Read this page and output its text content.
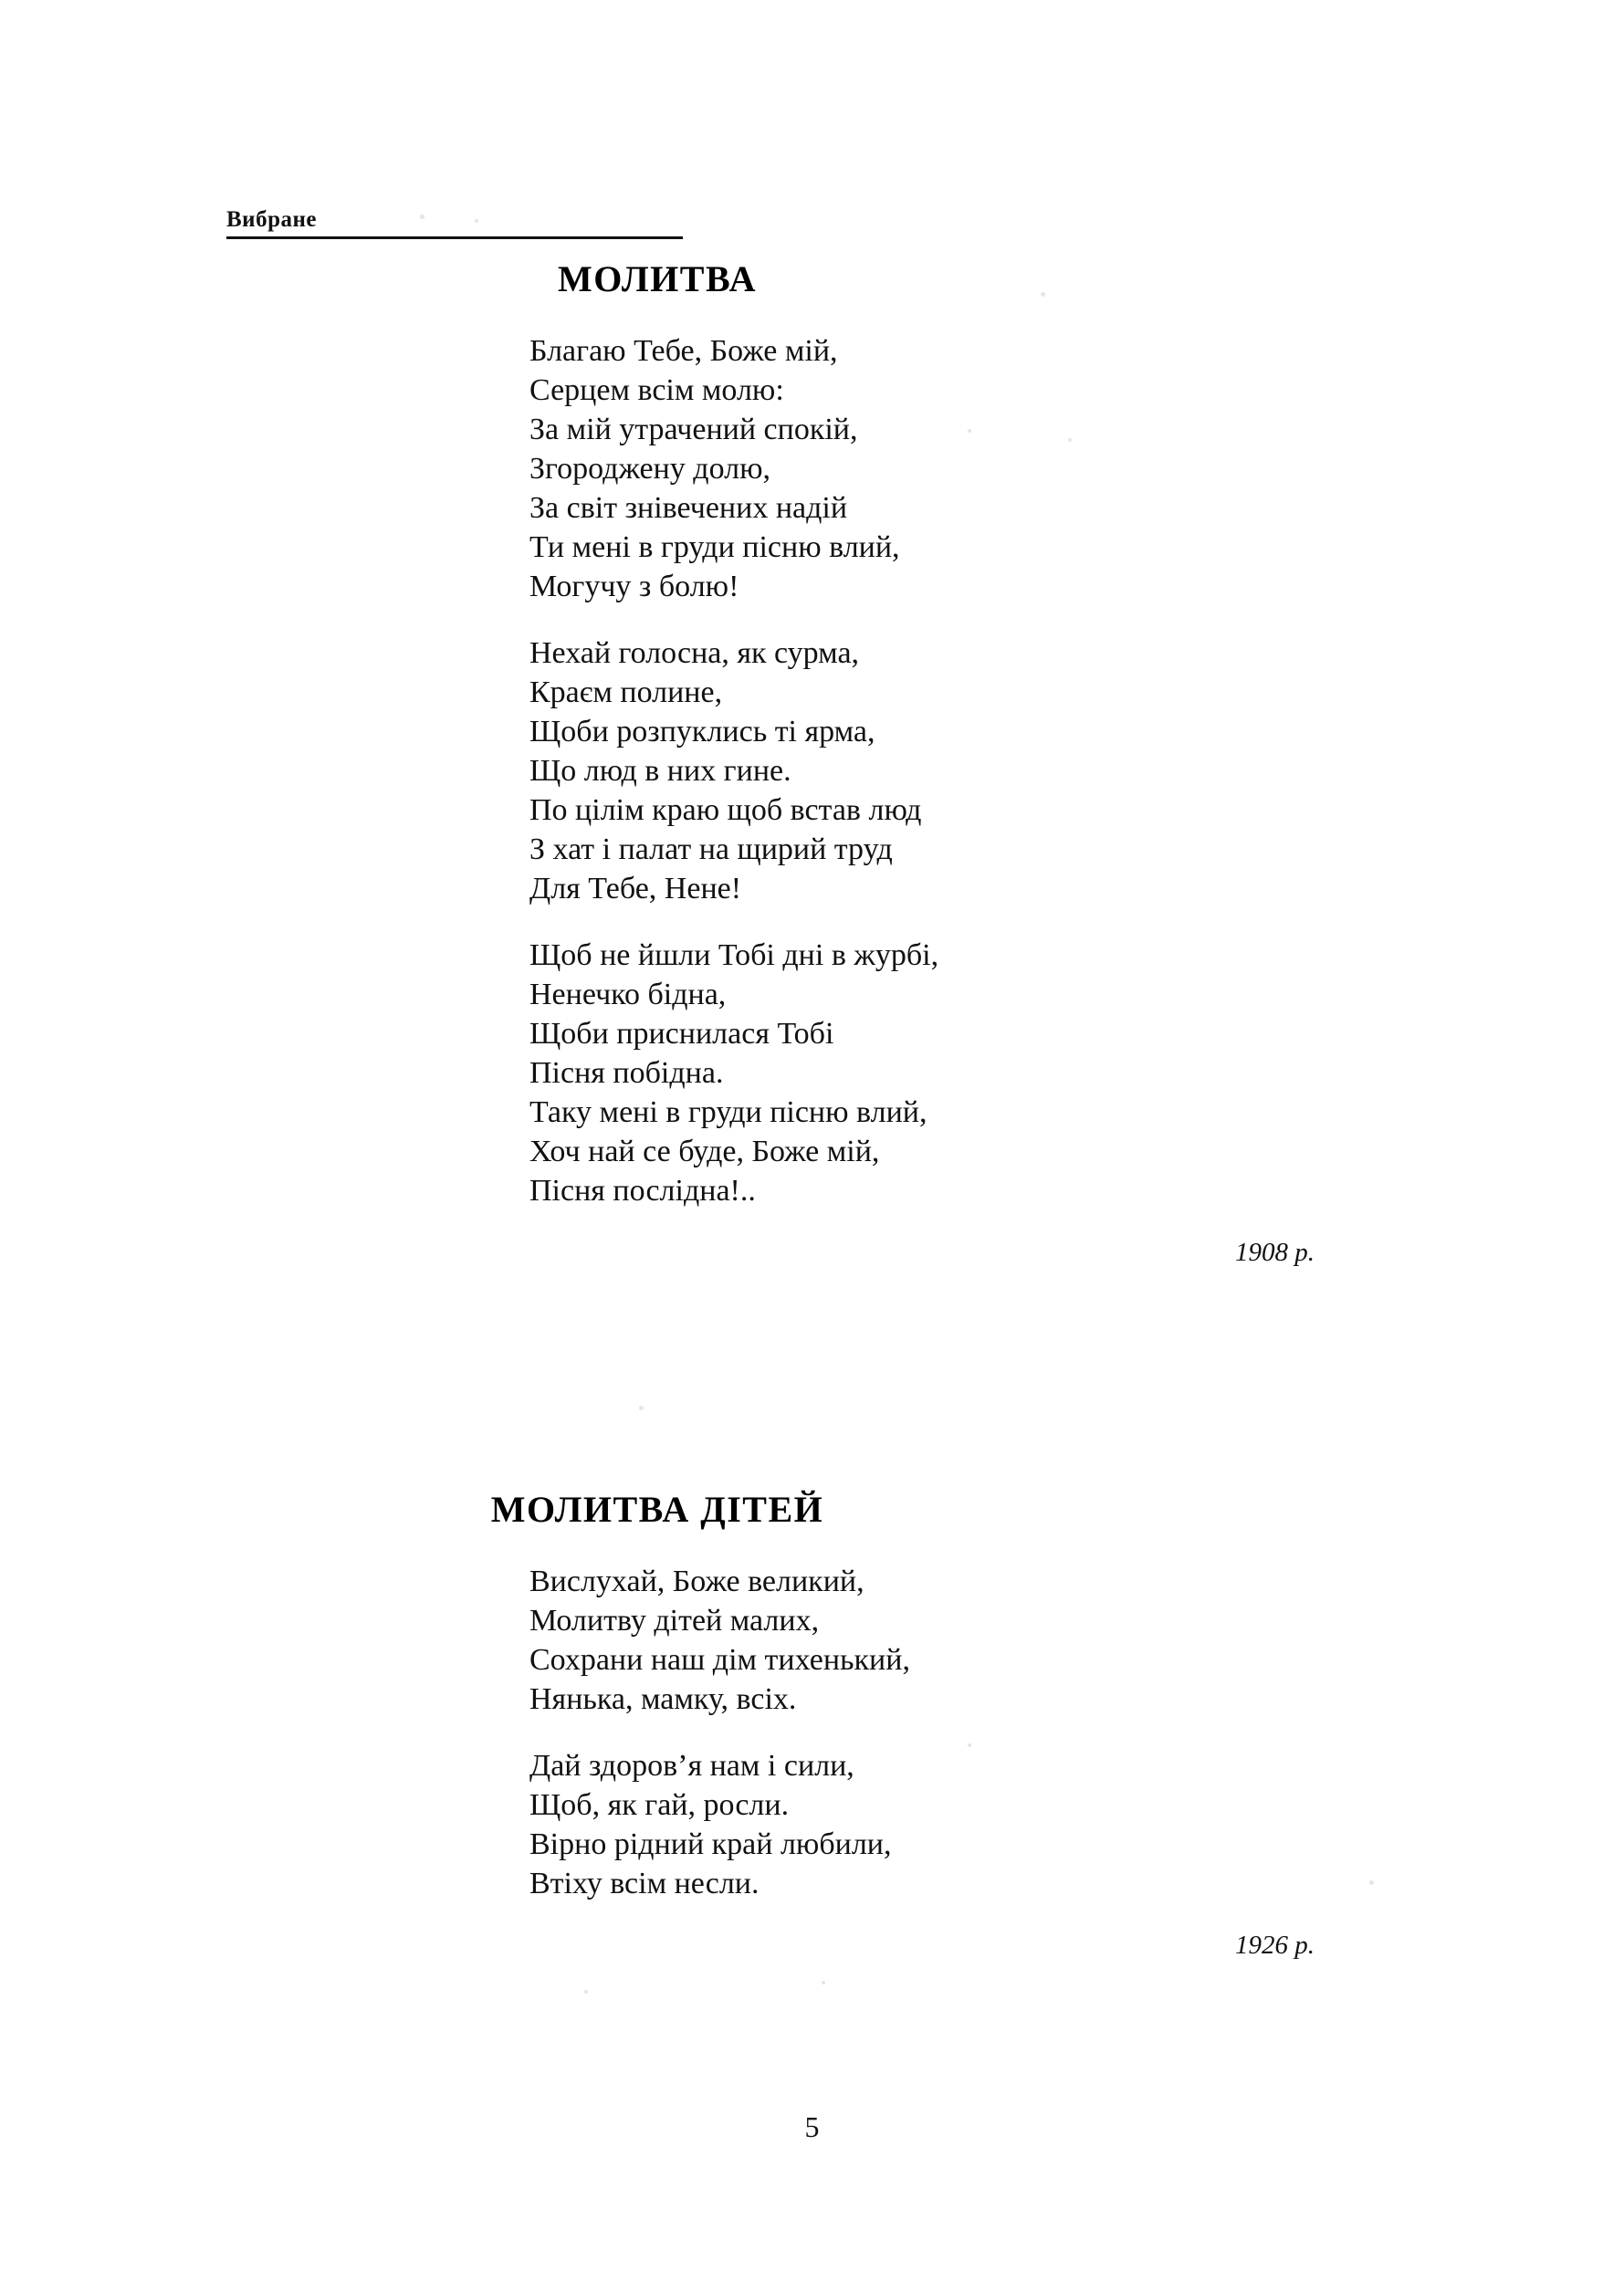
Вибране
МОЛИТВА
Благаю Тебе, Боже мій,
Серцем всім молю:
За мій утрачений спокій,
Згороджену долю,
За світ знівечених надій
Ти мені в груди пісню влий,
Могучу з болю!
Нехай голосна, як сурма,
Краєм полине,
Щоби розпуклись ті ярма,
Що люд в них гине.
По цілім краю щоб встав люд
З хат і палат на щирий труд
Для Тебе, Нене!
Щоб не йшли Тобі дні в журбі,
Ненечко бідна,
Щоби приснилася Тобі
Пісня побідна.
Таку мені в груди пісню влий,
Хоч най се буде, Боже мій,
Пісня послідна!..
1908 р.
МОЛИТВА ДІТЕЙ
Вислухай, Боже великий,
Молитву дітей малих,
Сохрани наш дім тихенький,
Нянька, мамку, всіх.
Дай здоров’я нам і сили,
Щоб, як гай, росли.
Вірно рідний край любили,
Втіху всім несли.
1926 р.
5
